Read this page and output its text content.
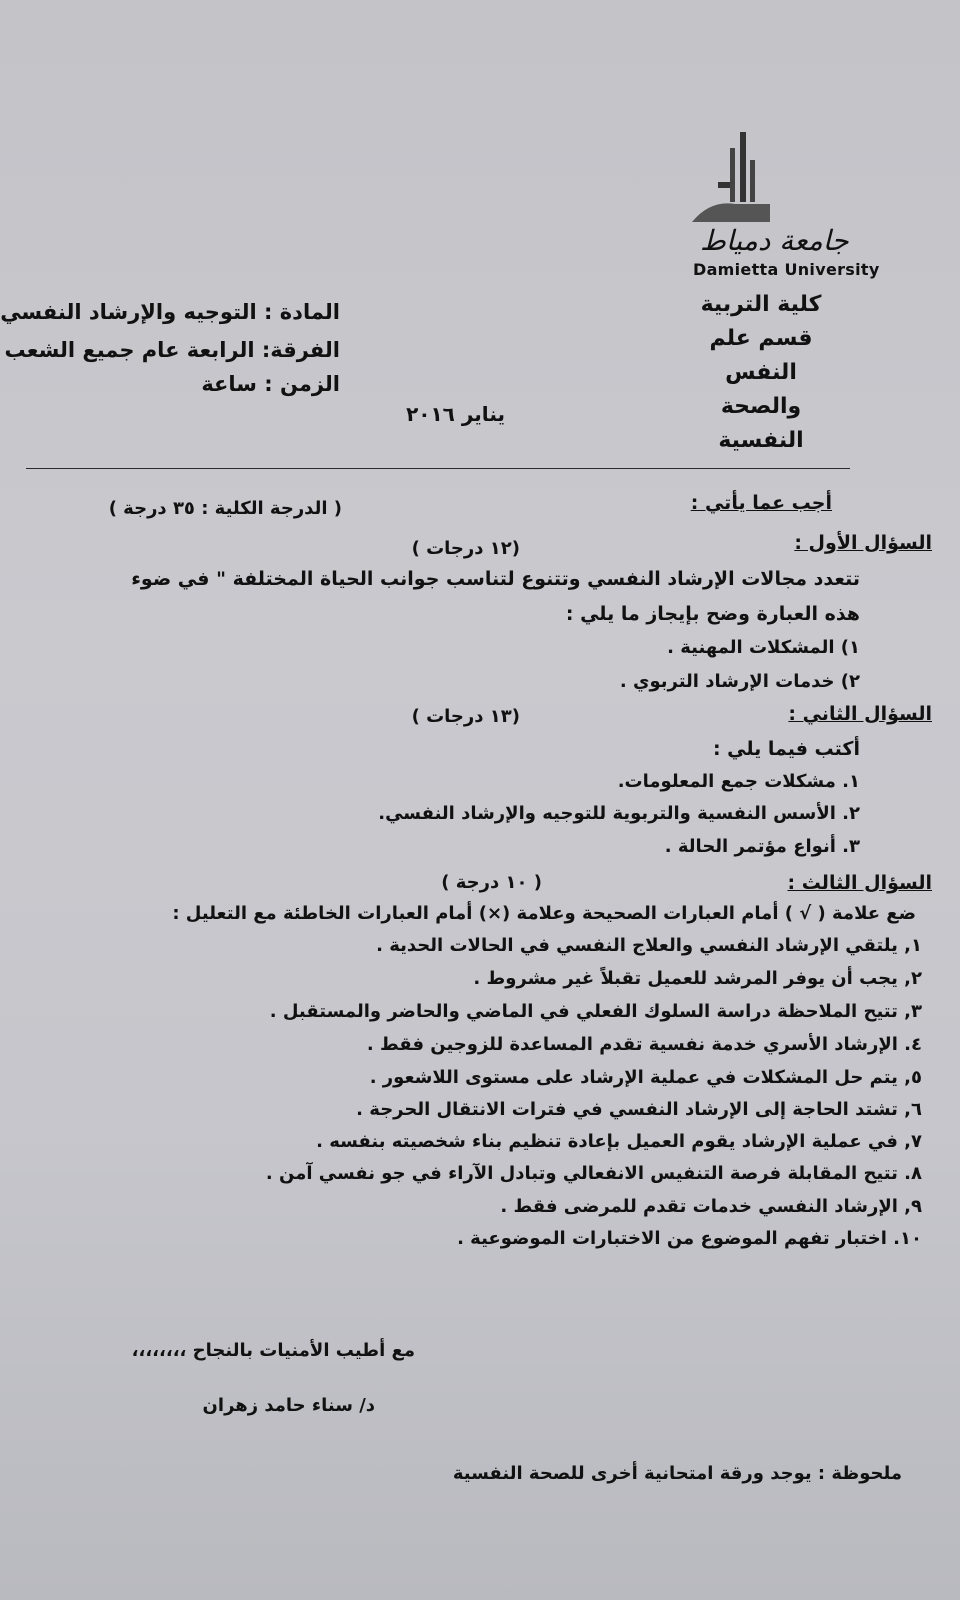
جامعة دمياط
Damietta University
كلية التربية
قسم علم النفس
والصحة النفسية
المادة : التوجيه والإرشاد النفسي
الفرقة: الرابعة عام جميع الشعب
الزمن : ساعة
يناير ٢٠١٦
أجب عما يأتي :
( الدرجة الكلية : ٣٥ درجة )
السؤال الأول :
(١٢ درجات )
تتعدد مجالات الإرشاد النفسي وتتنوع لتناسب جوانب الحياة المختلفة " في ضوء
هذه العبارة وضح بإيجاز ما يلي :
١) المشكلات المهنية .
٢) خدمات الإرشاد التربوي .
السؤال الثاني :
(١٣ درجات )
أكتب فيما يلي :
١. مشكلات جمع المعلومات.
٢. الأسس النفسية والتربوية للتوجيه والإرشاد النفسي.
٣. أنواع مؤتمر الحالة .
السؤال الثالث :
( ١٠ درجة )
ضع علامة ( √ ) أمام العبارات الصحيحة وعلامة (×) أمام العبارات الخاطئة مع التعليل :
١, يلتقي الإرشاد النفسي والعلاج النفسي في الحالات الحدية .
٢, يجب أن يوفر المرشد للعميل تقبلاً غير مشروط .
٣, تتيح الملاحظة دراسة السلوك الفعلي في الماضي والحاضر والمستقبل .
٤. الإرشاد الأسري خدمة نفسية تقدم المساعدة للزوجين فقط .
٥, يتم حل المشكلات في عملية الإرشاد على مستوى اللاشعور .
٦, تشتد الحاجة إلى الإرشاد النفسي في فترات الانتقال الحرجة .
٧, في عملية الإرشاد يقوم العميل بإعادة تنظيم بناء شخصيته بنفسه .
٨. تتيح المقابلة فرصة التنفيس الانفعالي وتبادل الآراء في جو نفسي آمن .
٩, الإرشاد النفسي خدمات تقدم للمرضى فقط .
١٠. اختبار تفهم الموضوع من الاختبارات الموضوعية .
مع أطيب الأمنيات بالنجاح ،،،،،،،،
د/ سناء حامد زهران
ملحوظة : يوجد ورقة امتحانية أخرى للصحة النفسية
